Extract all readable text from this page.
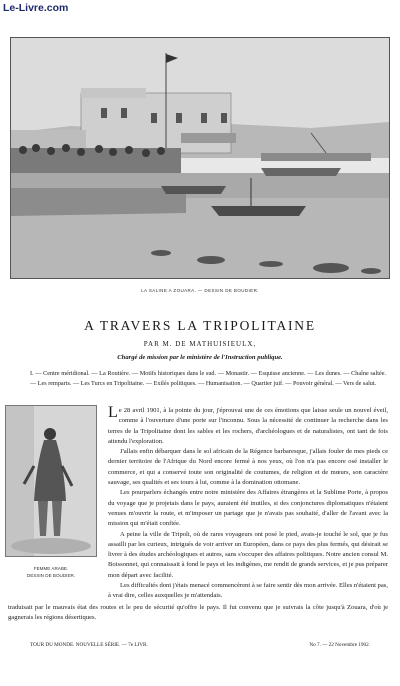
Le-Livre.com
LA SALINE A ZOUARA. — DESSIN DE BOUDIER.
A TRAVERS LA TRIPOLITAINE
PAR M. DE MATHUISIEULX,
Chargé de mission par le ministère de l'Instruction publique.
I. — Centre méridional. — La Routière. — Motifs historiques dans le sud. — Monastir. — Esquisse ancienne. — Les dunes. — Chaîne saltée. — Les remparts. — Les Turcs en Tripolitaine. — Exilés politiques. — Humanisation. — Quartier juif. — Pouvoir général. — Vers de salut.
FEMME ARABE.
DESSIN DE BOUDIER.

Le 28 avril 1901, à la pointe du jour, j'éprouvai une de ces émotions que laisse seule un nouvel éveil, comme à l'ouverture d'une porte sur l'inconnu. Sous la nécessité de continuer la recherche dans les terres de la Tripolitaine dont les sables et les rochers, d'archéologues et de naturalistes, ont tant de fois attendu l'exploration.

J'allais enfin débarquer dans le sol africain de la Régence barbaresque, j'allais fouler de mes pieds ce dernier territoire de l'Afrique du Nord encore fermé à nos yeux, où l'on n'a pas encore osé installer le commerce, et qui a conservé toute son originalité de coutumes, de religion et de mœurs, son caractère sauvage, ses qualités et ses tours à lui, comme à la domination ottomane.

Les pourparlers échangés entre notre ministère des Affaires étrangères et la Sublime Porte, à propos du voyage que je projetais dans le pays, auraient été inutiles, si des conjonctures diplomatiques n'étaient venues m'ouvrir la route, et m'imposer un partage que je n'avais pas souhaité, d'aller de l'avant avec la mission qui m'était confiée.

A peine la ville de Tripoli, où de rares voyageurs ont posé le pied, avais-je touché le sol, que je fus assailli par les curieux, intrigués de voir arriver un Européen, dans ce pays des plus fermés, qui désirait se livrer à des études archéologiques et autres, sans s'occuper des affaires politiques. Notre ancien consul M. Boissonnet, qui connaissait à fond le pays et les indigènes, me rendit de grands services, et je pus préparer mon départ avec facilité.

Les difficultés dont j'étais menacé commencèrent à se faire sentir dès mon arrivée. Elles n'étaient pas, à vrai dire, celles auxquelles je m'attendais.

traduisait par le mauvais état des routes et le peu de sécurité qu'offre le pays. Il fut convenu que je suivrais la côte jusqu'à Zouara, d'où je gagnerais les régions désertiques.
TOUR DU MONDE. NOUVELLE SÉRIE. — 7e LIVR.	No 7. — 22 Novembre 1902.
